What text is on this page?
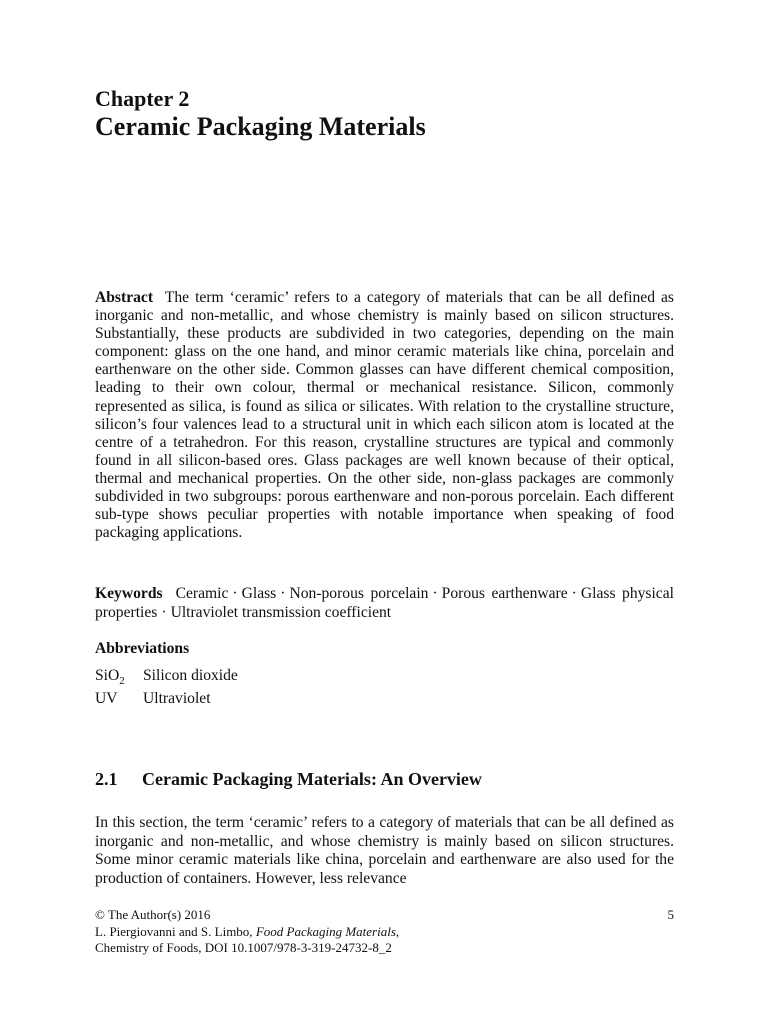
Chapter 2
Ceramic Packaging Materials

Abstract The term ‘ceramic’ refers to a category of materials that can be all defined as inorganic and non-metallic, and whose chemistry is mainly based on silicon structures. Substantially, these products are subdivided in two categories, depending on the main component: glass on the one hand, and minor ceramic materials like china, porcelain and earthenware on the other side. Common glasses can have different chemical composition, leading to their own colour, thermal or mechanical resistance. Silicon, commonly represented as silica, is found as silica or silicates. With relation to the crystalline structure, silicon’s four valences lead to a structural unit in which each silicon atom is located at the centre of a tetrahedron. For this reason, crystalline structures are typical and commonly found in all silicon-based ores. Glass packages are well known because of their optical, thermal and mechanical properties. On the other side, non-glass packages are commonly subdivided in two subgroups: porous earthenware and non-porous porcelain. Each different sub-type shows peculiar properties with notable importance when speaking of food packaging applications.

Keywords Ceramic · Glass · Non-porous porcelain · Porous earthenware · Glass physical properties · Ultraviolet transmission coefficient

Abbreviations
SiO$_2$	Silicon dioxide
UV	Ultraviolet
2.1 Ceramic Packaging Materials: An Overview

In this section, the term ‘ceramic’ refers to a category of materials that can be all defined as inorganic and non-metallic, and whose chemistry is mainly based on silicon structures. Some minor ceramic materials like china, porcelain and earthenware are also used for the production of containers. However, less relevance

© The Author(s) 2016
L. Piergiovanni and S. Limbo, Food Packaging Materials,
Chemistry of Foods, DOI 10.1007/978-3-319-24732-8_2
5
